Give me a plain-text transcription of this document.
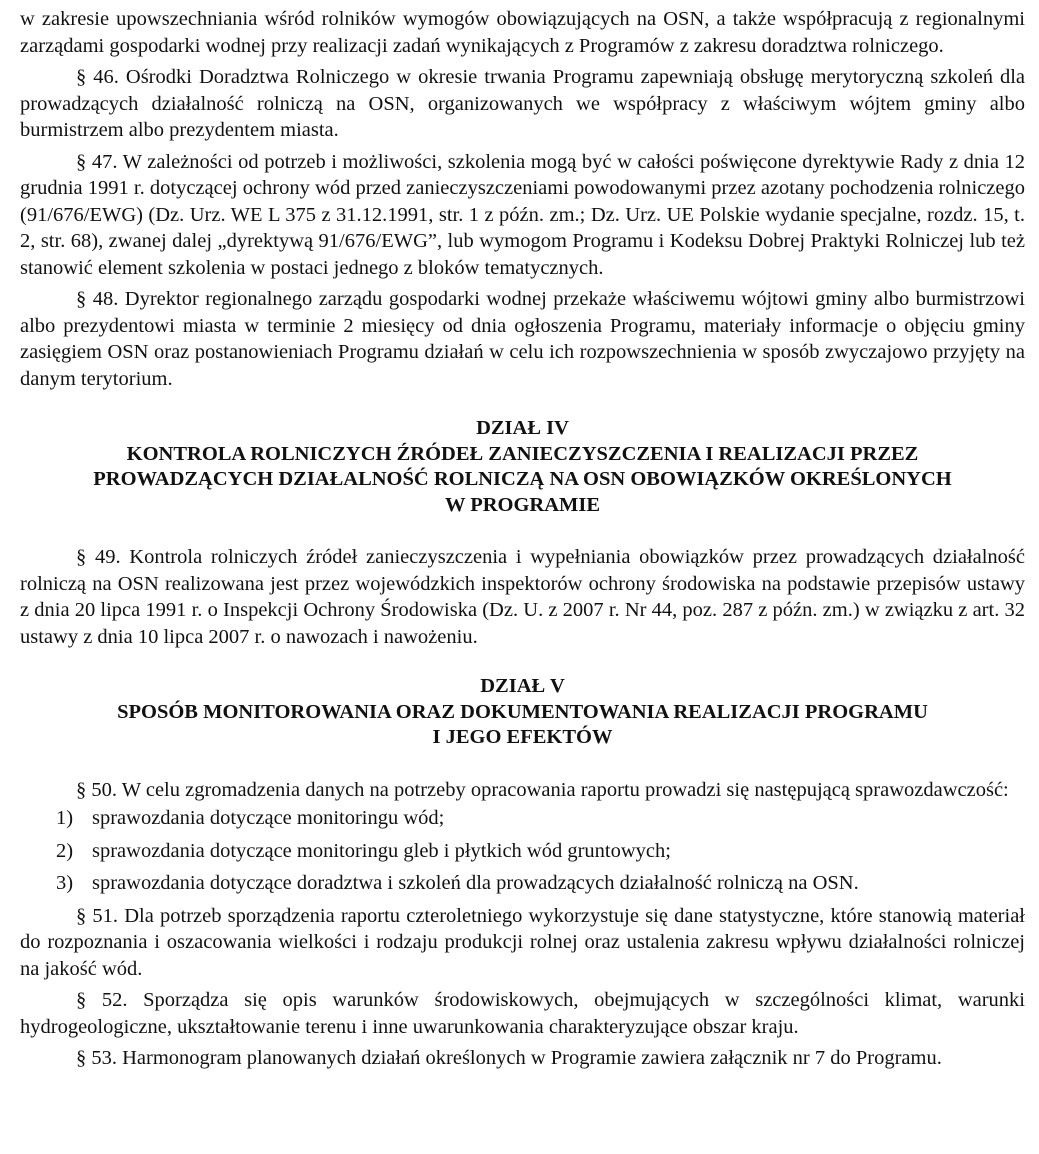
w zakresie upowszechniania wśród rolników wymogów obowiązujących na OSN, a także współpracują z regionalnymi zarządami gospodarki wodnej przy realizacji zadań wynikających z Programów z zakresu doradztwa rolniczego.

§ 46. Ośrodki Doradztwa Rolniczego w okresie trwania Programu zapewniają obsługę merytoryczną szkoleń dla prowadzących działalność rolniczą na OSN, organizowanych we współpracy z właściwym wójtem gminy albo burmistrzem albo prezydentem miasta.

§ 47. W zależności od potrzeb i możliwości, szkolenia mogą być w całości poświęcone dyrektywie Rady z dnia 12 grudnia 1991 r. dotyczącej ochrony wód przed zanieczyszczeniami powodowanymi przez azotany pochodzenia rolniczego (91/676/EWG) (Dz. Urz. WE L 375 z 31.12.1991, str. 1 z późn. zm.; Dz. Urz. UE Polskie wydanie specjalne, rozdz. 15, t. 2, str. 68), zwanej dalej „dyrektywą 91/676/EWG”, lub wymogom Programu i Kodeksu Dobrej Praktyki Rolniczej lub też stanowić element szkolenia w postaci jednego z bloków tematycznych.

§ 48. Dyrektor regionalnego zarządu gospodarki wodnej przekaże właściwemu wójtowi gminy albo burmistrzowi albo prezydentowi miasta w terminie 2 miesięcy od dnia ogłoszenia Programu, materiały informacje o objęciu gminy zasięgiem OSN oraz postanowieniach Programu działań w celu ich rozpowszechnienia w sposób zwyczajowo przyjęty na danym terytorium.

DZIAŁ IV

KONTROLA ROLNICZYCH ŹRÓDEŁ ZANIECZYSZCZENIA I REALIZACJI PRZEZ

PROWADZĄCYCH DZIAŁALNOŚĆ ROLNICZĄ NA OSN OBOWIĄZKÓW OKREŚLONYCH

W PROGRAMIE

§ 49. Kontrola rolniczych źródeł zanieczyszczenia i wypełniania obowiązków przez prowadzących działalność rolniczą na OSN realizowana jest przez wojewódzkich inspektorów ochrony środowiska na podstawie przepisów ustawy z dnia 20 lipca 1991 r. o Inspekcji Ochrony Środowiska (Dz. U. z 2007 r. Nr 44, poz. 287 z późn. zm.) w związku z art. 32 ustawy z dnia 10 lipca 2007 r. o nawozach i nawożeniu.

DZIAŁ V

SPOSÓB MONITOROWANIA ORAZ DOKUMENTOWANIA REALIZACJI PROGRAMU

I JEGO EFEKTÓW

§ 50. W celu zgromadzenia danych na potrzeby opracowania raportu prowadzi się następującą sprawozdawczość:

1) sprawozdania dotyczące monitoringu wód;
2) sprawozdania dotyczące monitoringu gleb i płytkich wód gruntowych;
3) sprawozdania dotyczące doradztwa i szkoleń dla prowadzących działalność rolniczą na OSN.

§ 51. Dla potrzeb sporządzenia raportu czteroletniego wykorzystuje się dane statystyczne, które stanowią materiał do rozpoznania i oszacowania wielkości i rodzaju produkcji rolnej oraz ustalenia zakresu wpływu działalności rolniczej na jakość wód.

§ 52. Sporządza się opis warunków środowiskowych, obejmujących w szczególności klimat, warunki hydrogeologiczne, ukształtowanie terenu i inne uwarunkowania charakteryzujące obszar kraju.

§ 53. Harmonogram planowanych działań określonych w Programie zawiera załącznik nr 7 do Programu.
